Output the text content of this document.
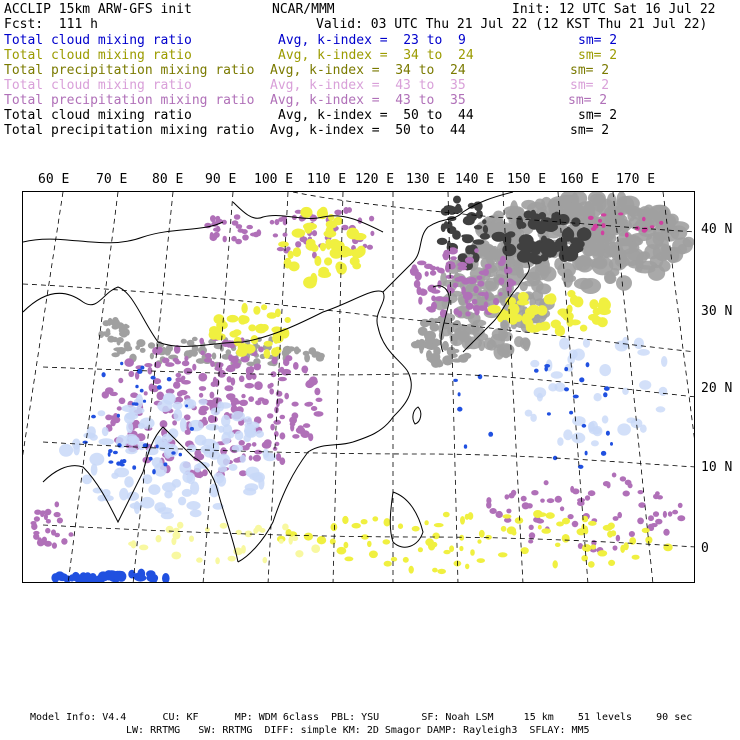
ACCLIP 15km ARW-GFS init	NCAR/MMM	Init: 12 UTC Sat 16 Jul 22
Fcst:  111 h	Valid: 03 UTC Thu 21 Jul 22 (12 KST Thu 21 Jul 22)
Total cloud mixing ratio	Avg, k-index =  23 to  9	sm= 2
Total cloud mixing ratio	Avg, k-index =  34 to  24	sm= 2
Total precipitation mixing ratio Avg, k-index =  34 to  24	sm= 2
Total cloud mixing ratio	Avg, k-index =  43 to  35	sm= 2
Total precipitation mixing ratio Avg, k-index =  43 to  35	sm= 2
Total cloud mixing ratio	Avg, k-index =  50 to  44	sm= 2
Total precipitation mixing ratio Avg, k-index =  50 to  44	sm= 2
60 E 70 E 80 E 90 E 100 E 110 E 120 E 130 E 140 E 150 E 160 E 170 E
40 N
30 N
20 N
10 N
0
Model Info: V4.4      CU: KF      MP: WDM 6class  PBL: YSU       SF: Noah LSM     15 km    51 levels    90 sec
LW: RRTMG   SW: RRTMG  DIFF: simple KM: 2D Smagor DAMP: Rayleigh3  SFLAY: MM5
